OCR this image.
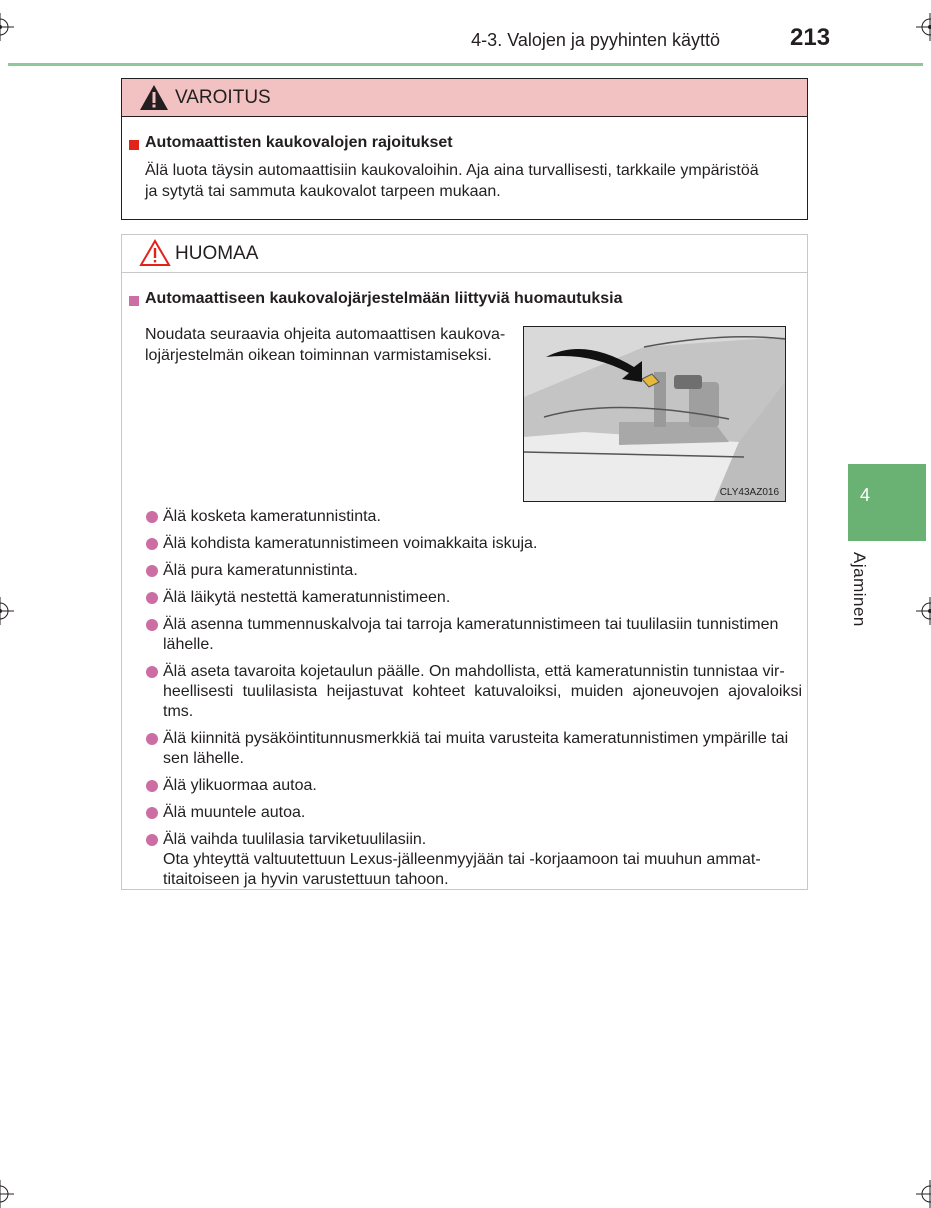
4-3. Valojen ja pyyhinten käyttö	213
4
Ajaminen
VAROITUS
Automaattisten kaukovalojen rajoitukset
Älä luota täysin automaattisiin kaukovaloihin. Aja aina turvallisesti, tarkkaile ympäristöä
ja sytytä tai sammuta kaukovalot tarpeen mukaan.
HUOMAA
Automaattiseen kaukovalojärjestelmään liittyviä huomautuksia
Noudata seuraavia ohjeita automaattisen kaukova-
lojärjestelmän oikean toiminnan varmistamiseksi.
CLY43AZ016
Älä kosketa kameratunnistinta.
Älä kohdista kameratunnistimeen voimakkaita iskuja.
Älä pura kameratunnistinta.
Älä läikytä nestettä kameratunnistimeen.
Älä asenna tummennuskalvoja tai tarroja kameratunnistimeen tai tuulilasiin tunnistimen
lähelle.
Älä aseta tavaroita kojetaulun päälle. On mahdollista, että kameratunnistin tunnistaa vir-
heellisesti tuulilasista heijastuvat kohteet katuvaloiksi, muiden ajoneuvojen ajovaloiksi tms.
Älä kiinnitä pysäköintitunnusmerkkiä tai muita varusteita kameratunnistimen ympärille tai
sen lähelle.
Älä ylikuormaa autoa.
Älä muuntele autoa.
Älä vaihda tuulilasia tarviketuulilasiin.
Ota yhteyttä valtuutettuun Lexus-jälleenmyyjään tai -korjaamoon tai muuhun ammat-
titaitoiseen ja hyvin varustettuun tahoon.
